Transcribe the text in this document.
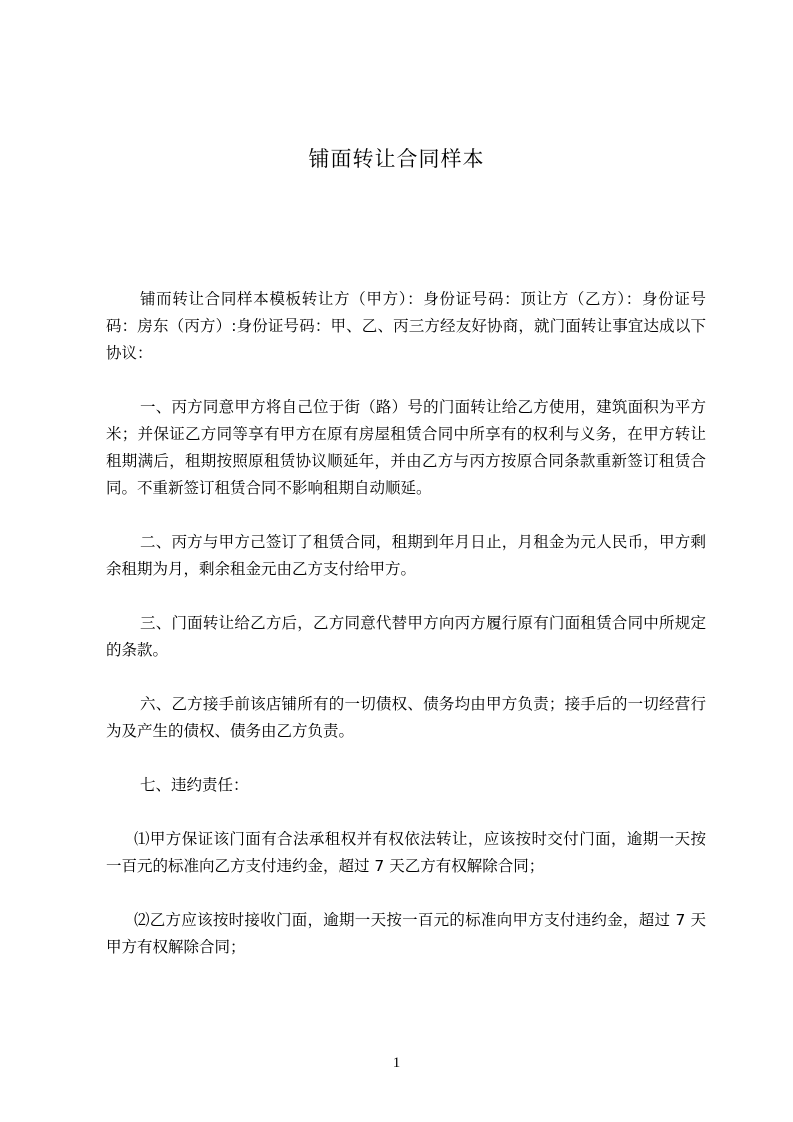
铺面转让合同样本

铺而转让合同样本模板转让方（甲方）：身份证号码：顶让方（乙方）：身份证号码：房东（丙方）:身份证号码：甲、乙、丙三方经友好协商，就门面转让事宜达成以下协议：

一、丙方同意甲方将自己位于街（路）号的门面转让给乙方使用，建筑面积为平方米；并保证乙方同等享有甲方在原有房屋租赁合同中所享有的权利与义务，在甲方转让租期满后，租期按照原租赁协议顺延年，并由乙方与丙方按原合同条款重新签订租赁合同。不重新签订租赁合同不影响租期自动顺延。

二、丙方与甲方己签订了租赁合同，租期到年月日止，月租金为元人民币，甲方剩余租期为月，剩余租金元由乙方支付给甲方。

三、门面转让给乙方后，乙方同意代替甲方向丙方履行原有门面租赁合同中所规定的条款。

六、乙方接手前该店铺所有的一切债权、债务均由甲方负责；接手后的一切经营行为及产生的债权、债务由乙方负责。

七、违约责任：

⑴甲方保证该门面有合法承租权并有权依法转让，应该按时交付门面，逾期一天按一百元的标准向乙方支付违约金，超过 7 天乙方有权解除合同；

⑵乙方应该按时接收门面，逾期一天按一百元的标准向甲方支付违约金，超过 7 天甲方有权解除合同；

1
